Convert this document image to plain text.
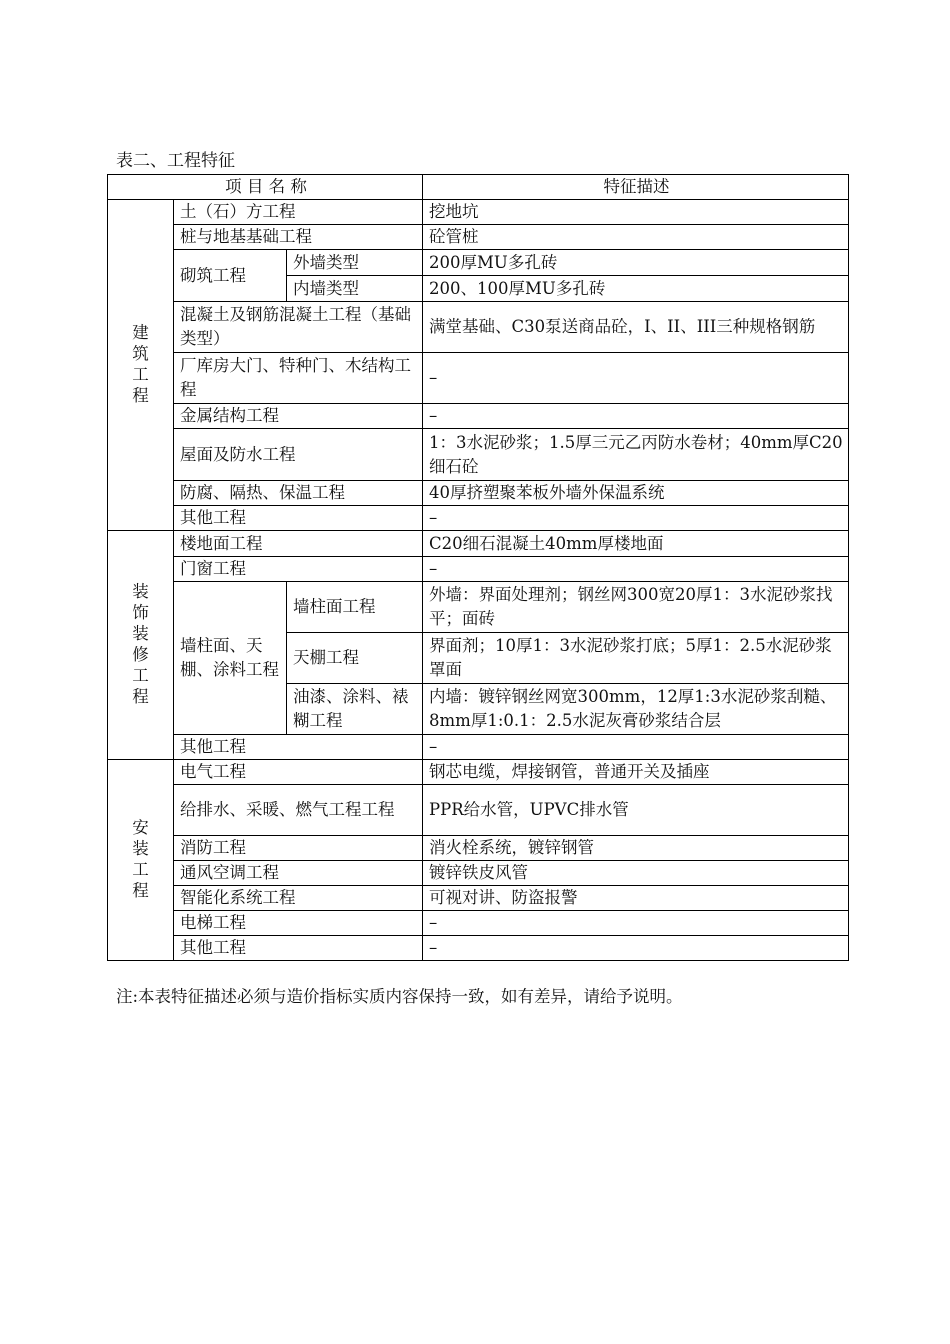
表二、工程特征
项 目 名 称			特征描述
建筑工程	土（石）方工程		挖地坑
	桩与地基基础工程		砼管桩
	砌筑工程	外墙类型	200厚MU多孔砖
		内墙类型	200、100厚MU多孔砖
	混凝土及钢筋混凝土工程（基础类型）		满堂基础、C30泵送商品砼，I、II、III三种规格钢筋
	厂库房大门、特种门、木结构工程		–
	金属结构工程		–
	屋面及防水工程		1：3水泥砂浆；1.5厚三元乙丙防水卷材；40mm厚C20细石砼
	防腐、隔热、保温工程		40厚挤塑聚苯板外墙外保温系统
	其他工程		–
装饰装修工程	楼地面工程		C20细石混凝土40mm厚楼地面
	门窗工程		–
	墙柱面、天棚、涂料工程	墙柱面工程	外墙：界面处理剂；钢丝网300宽20厚1：3水泥砂浆找平；面砖
		天棚工程	界面剂；10厚1：3水泥砂浆打底；5厚1：2.5水泥砂浆罩面
		油漆、涂料、裱糊工程	内墙：镀锌钢丝网宽300mm，12厚1:3水泥砂浆刮糙、8mm厚1:0.1：2.5水泥灰膏砂浆结合层
	其他工程		–
安装工程	电气工程		钢芯电缆，焊接钢管，普通开关及插座
	给排水、采暖、燃气工程工程		PPR给水管，UPVC排水管
	消防工程		消火栓系统，镀锌钢管
	通风空调工程		镀锌铁皮风管
	智能化系统工程		可视对讲、防盗报警
	电梯工程		–
	其他工程		–
注:本表特征描述必须与造价指标实质内容保持一致，如有差异，请给予说明。
